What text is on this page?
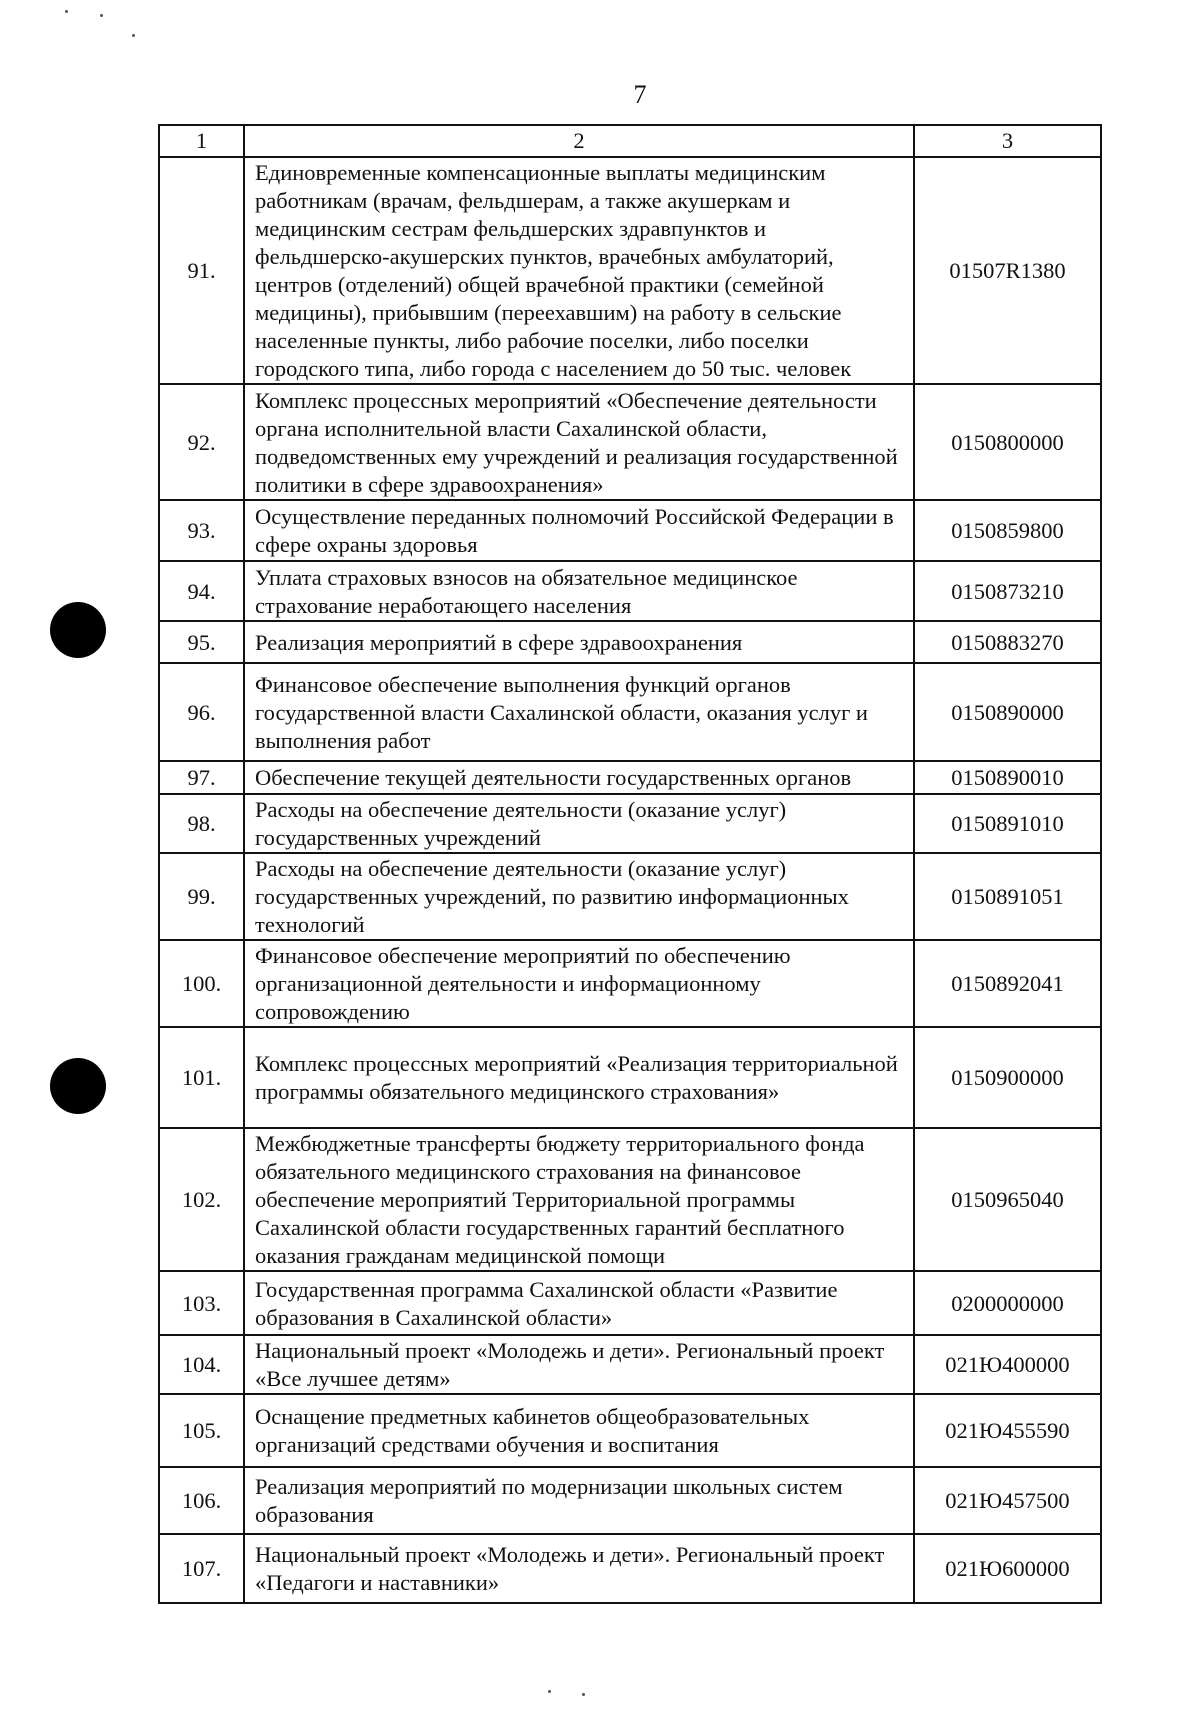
7
1	2	3
91.	Единовременные компенсационные выплаты медицинским работникам (врачам, фельдшерам, а также акушеркам и медицинским сестрам фельдшерских здравпунктов и фельдшерско-акушерских пунктов, врачебных амбулаторий, центров (отделений) общей врачебной практики (семейной медицины), прибывшим (переехавшим) на работу в сельские населенные пункты, либо рабочие поселки, либо поселки городского типа, либо города с населением до 50 тыс. человек	01507R1380
92.	Комплекс процессных мероприятий «Обеспечение деятельности органа исполнительной власти Сахалинской области, подведомственных ему учреждений и реализация государственной политики в сфере здравоохранения»	0150800000
93.	Осуществление переданных полномочий Российской Федерации в сфере охраны здоровья	0150859800
94.	Уплата страховых взносов на обязательное медицинское страхование неработающего населения	0150873210
95.	Реализация мероприятий в сфере здравоохранения	0150883270
96.	Финансовое обеспечение выполнения функций органов государственной власти Сахалинской области, оказания услуг и выполнения работ	0150890000
97.	Обеспечение текущей деятельности государственных органов	0150890010
98.	Расходы на обеспечение деятельности (оказание услуг) государственных учреждений	0150891010
99.	Расходы на обеспечение деятельности (оказание услуг) государственных учреждений, по развитию информационных технологий	0150891051
100.	Финансовое обеспечение мероприятий по обеспечению организационной деятельности и информационному сопровождению	0150892041
101.	Комплекс процессных мероприятий «Реализация территориальной программы обязательного медицинского страхования»	0150900000
102.	Межбюджетные трансферты бюджету территориального фонда обязательного медицинского страхования на финансовое обеспечение мероприятий Территориальной программы Сахалинской области государственных гарантий бесплатного оказания гражданам медицинской помощи	0150965040
103.	Государственная программа Сахалинской области «Развитие образования в Сахалинской области»	0200000000
104.	Национальный проект «Молодежь и дети». Региональный проект «Все лучшее детям»	021Ю400000
105.	Оснащение предметных кабинетов общеобразовательных организаций средствами обучения и воспитания	021Ю455590
106.	Реализация мероприятий по модернизации школьных систем образования	021Ю457500
107.	Национальный проект «Молодежь и дети». Региональный проект «Педагоги и наставники»	021Ю600000
